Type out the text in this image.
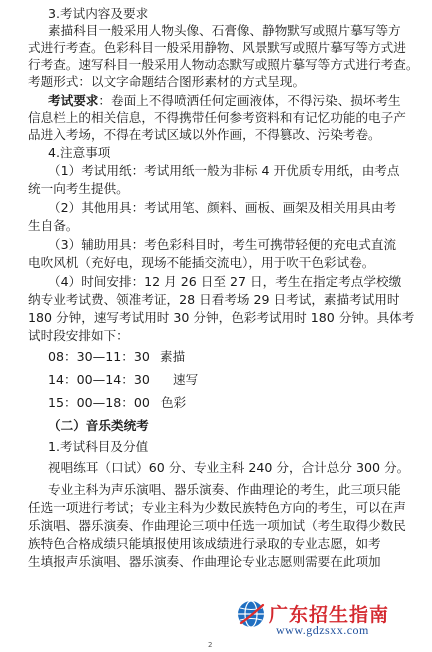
3.考试内容及要求
素描科目一般采用人物头像、石膏像、静物默写或照片摹写等方
式进行考查。色彩科目一般采用静物、风景默写或照片摹写等方式进
行考查。速写科目一般采用人物动态默写或照片摹写等方式进行考查。
考题形式：以文字命题结合图形素材的方式呈现。
考试要求：卷面上不得喷洒任何定画液体，不得污染、损坏考生
信息栏上的相关信息，不得携带任何参考资料和有记忆功能的电子产
品进入考场，不得在考试区域以外作画，不得篡改、污染考卷。
4.注意事项
（1）考试用纸：考试用纸一般为非标 4 开优质专用纸，由考点
统一向考生提供。
（2）其他用具：考试用笔、颜料、画板、画架及相关用具由考
生自备。
（3）辅助用具：考色彩科目时，考生可携带轻便的充电式直流
电吹风机（充好电，现场不能插交流电），用于吹干色彩试卷。
（4）时间安排：12 月 26 日至 27 日，考生在指定考点学校缴
纳专业考试费、领准考证，28 日看考场 29 日考试，素描考试用时
180 分钟，速写考试用时 30 分钟，色彩考试用时 180 分钟。具体考
试时段安排如下：
08：30—11：30 素描
14：00—14：30 速写
15：00—18：00 色彩
（二）音乐类统考
1.考试科目及分值
视唱练耳（口试）60 分、专业主科 240 分，合计总分 300 分。
专业主科为声乐演唱、器乐演奏、作曲理论的考生，此三项只能
任选一项进行考试；专业主科为少数民族特色方向的考生，可以在声
乐演唱、器乐演奏、作曲理论三项中任选一项加试（考生取得少数民
族特色合格成绩只能填报使用该成绩进行录取的专业志愿，如考
生填报声乐演唱、器乐演奏、作曲理论专业志愿则需要在此项加
广东招生指南
www.gdzsxx.com
2
